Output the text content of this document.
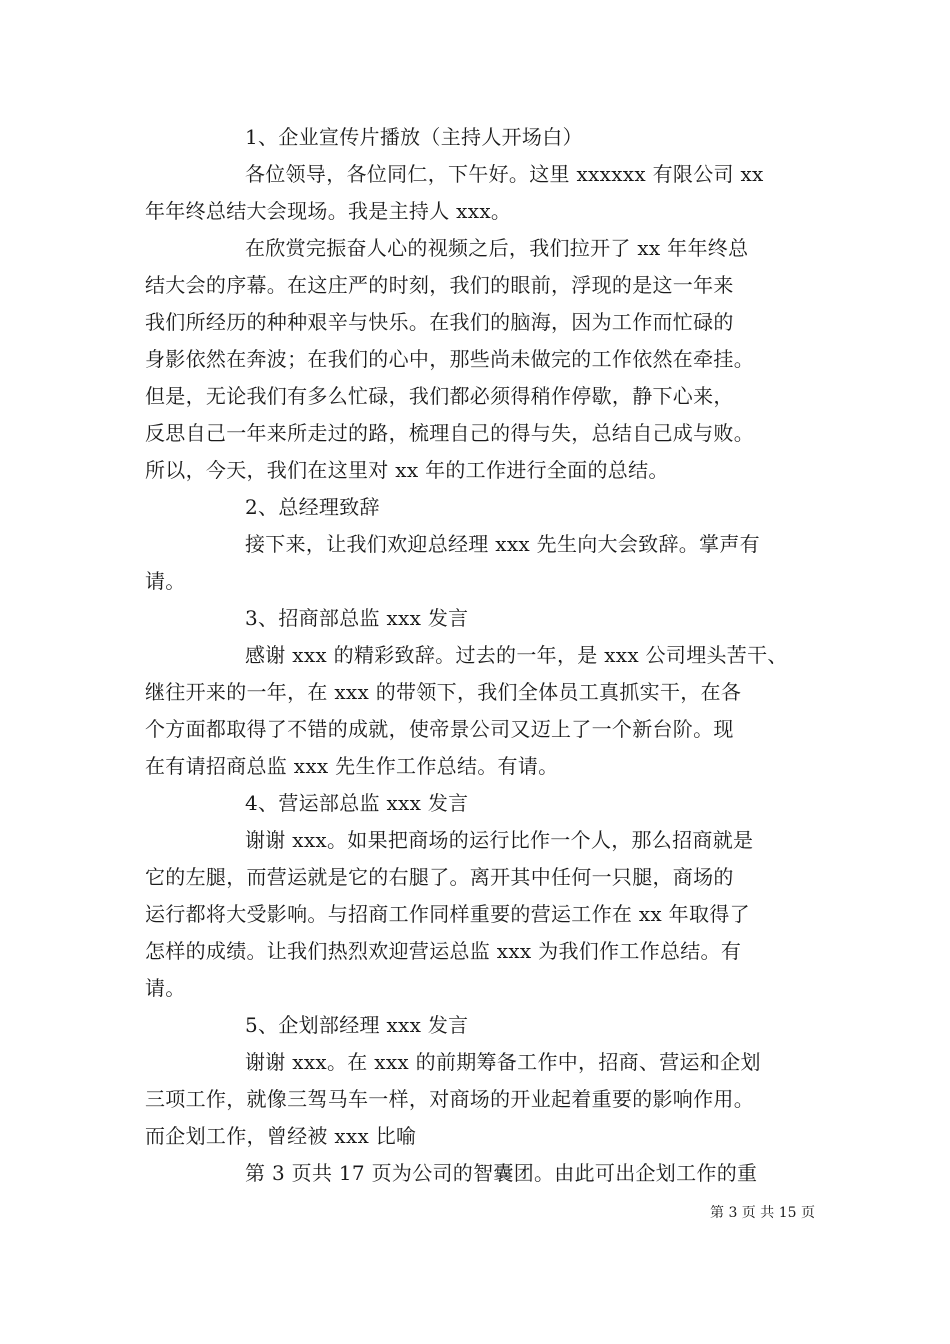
1、企业宣传片播放（主持人开场白）
各位领导，各位同仁，下午好。这里 xxxxxx 有限公司 xx
年年终总结大会现场。我是主持人 xxx。
在欣赏完振奋人心的视频之后，我们拉开了 xx 年年终总
结大会的序幕。在这庄严的时刻，我们的眼前，浮现的是这一年来
我们所经历的种种艰辛与快乐。在我们的脑海，因为工作而忙碌的
身影依然在奔波；在我们的心中，那些尚未做完的工作依然在牵挂。
但是，无论我们有多么忙碌，我们都必须得稍作停歇，静下心来，
反思自己一年来所走过的路，梳理自己的得与失，总结自己成与败。
所以，今天，我们在这里对 xx 年的工作进行全面的总结。
2、总经理致辞
接下来，让我们欢迎总经理 xxx 先生向大会致辞。掌声有
请。
3、招商部总监 xxx 发言
感谢 xxx 的精彩致辞。过去的一年，是 xxx 公司埋头苦干、
继往开来的一年，在 xxx 的带领下，我们全体员工真抓实干，在各
个方面都取得了不错的成就，使帝景公司又迈上了一个新台阶。现
在有请招商总监 xxx 先生作工作总结。有请。
4、营运部总监 xxx 发言
谢谢 xxx。如果把商场的运行比作一个人，那么招商就是
它的左腿，而营运就是它的右腿了。离开其中任何一只腿，商场的
运行都将大受影响。与招商工作同样重要的营运工作在 xx 年取得了
怎样的成绩。让我们热烈欢迎营运总监 xxx 为我们作工作总结。有
请。
5、企划部经理 xxx 发言
谢谢 xxx。在 xxx 的前期筹备工作中，招商、营运和企划
三项工作，就像三驾马车一样，对商场的开业起着重要的影响作用。
而企划工作，曾经被 xxx 比喻
第 3 页共 17 页为公司的智囊团。由此可出企划工作的重
第 3 页 共 15 页
